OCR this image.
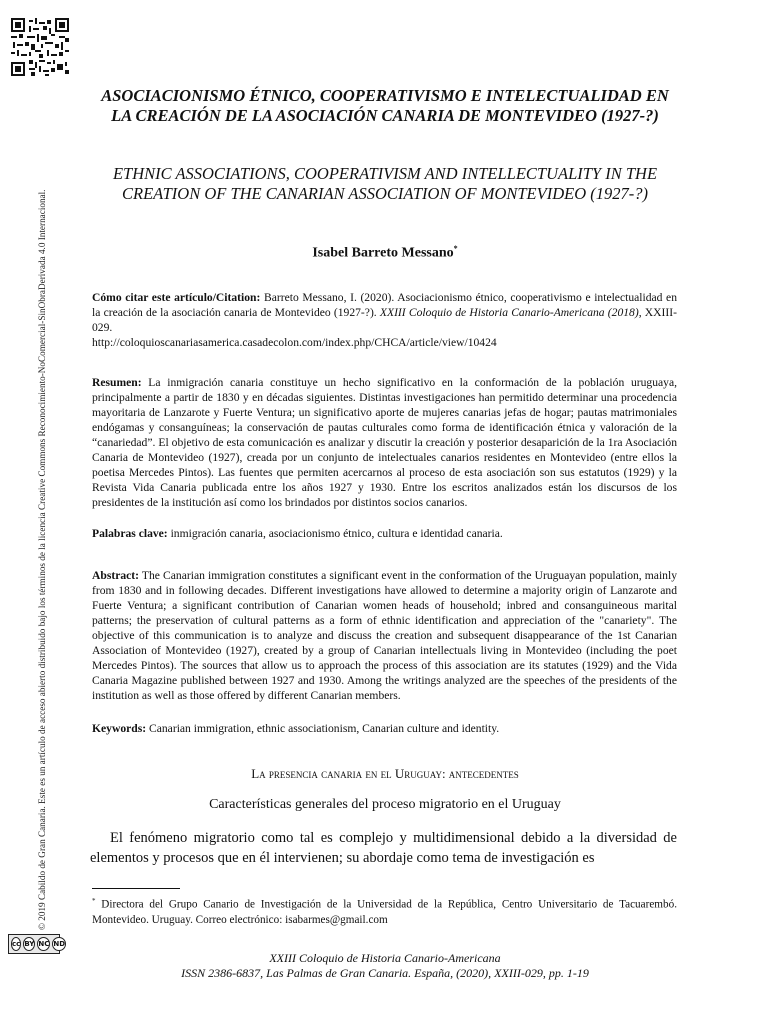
© 2019 Cabildo de Gran Canaria. Este es un artículo de acceso abierto distribuido bajo los términos de la licencia Creative Commons Reconocimiento-NoComercial-SinObraDerivada 4.0 Internacional.
cc BY NC ND
ASOCIACIONISMO ÉTNICO, COOPERATIVISMO E INTELECTUALIDAD EN LA CREACIÓN DE LA ASOCIACIÓN CANARIA DE MONTEVIDEO (1927-?)
ETHNIC ASSOCIATIONS, COOPERATIVISM AND INTELLECTUALITY IN THE CREATION OF THE CANARIAN ASSOCIATION OF MONTEVIDEO (1927-?)
Isabel Barreto Messano*
Cómo citar este artículo/Citation: Barreto Messano, I. (2020). Asociacionismo étnico, cooperativismo e intelectualidad en la creación de la asociación canaria de Montevideo (1927-?). XXIII Coloquio de Historia Canario-Americana (2018), XXIII- 029.
http://coloquioscanariasamerica.casadecolon.com/index.php/CHCA/article/view/10424
Resumen: La inmigración canaria constituye un hecho significativo en la conformación de la población uruguaya, principalmente a partir de 1830 y en décadas siguientes. Distintas investigaciones han permitido determinar una procedencia mayoritaria de Lanzarote y Fuerte Ventura; un significativo aporte de mujeres canarias jefas de hogar; pautas matrimoniales endógamas y consanguíneas; la conservación de pautas culturales como forma de identificación étnica y valoración de la “canariedad”. El objetivo de esta comunicación es analizar y discutir la creación y posterior desaparición de la 1ra Asociación Canaria de Montevideo (1927), creada por un conjunto de intelectuales canarios residentes en Montevideo (entre ellos la poetisa Mercedes Pintos). Las fuentes que permiten acercarnos al proceso de esta asociación son sus estatutos (1929) y la Revista Vida Canaria publicada entre los años 1927 y 1930. Entre los escritos analizados están los discursos de los presidentes de la institución así como los brindados por distintos socios canarios.
Palabras clave: inmigración canaria, asociacionismo étnico, cultura e identidad canaria.
Abstract: The Canarian immigration constitutes a significant event in the conformation of the Uruguayan population, mainly from 1830 and in following decades. Different investigations have allowed to determine a majority origin of Lanzarote and Fuerte Ventura; a significant contribution of Canarian women heads of household; inbred and consanguineous marital patterns; the preservation of cultural patterns as a form of ethnic identification and appreciation of the "canariety". The objective of this communication is to analyze and discuss the creation and subsequent disappearance of the 1st Canarian Association of Montevideo (1927), created by a group of Canarian intellectuals living in Montevideo (including the poet Mercedes Pintos). The sources that allow us to approach the process of this association are its statutes (1929) and the Vida Canaria Magazine published between 1927 and 1930. Among the writings analyzed are the speeches of the presidents of the institution as well as those offered by different Canarian members.
Keywords: Canarian immigration, ethnic associationism, Canarian culture and identity.
La presencia canaria en el Uruguay: antecedentes
Características generales del proceso migratorio en el Uruguay
El fenómeno migratorio como tal es complejo y multidimensional debido a la diversidad de elementos y procesos que en él intervienen; su abordaje como tema de investigación es
* Directora del Grupo Canario de Investigación de la Universidad de la República, Centro Universitario de Tacuarembó. Montevideo. Uruguay. Correo electrónico: isabarmes@gmail.com
XXIII Coloquio de Historia Canario-Americana
ISSN 2386-6837, Las Palmas de Gran Canaria. España, (2020), XXIII-029, pp. 1-19
